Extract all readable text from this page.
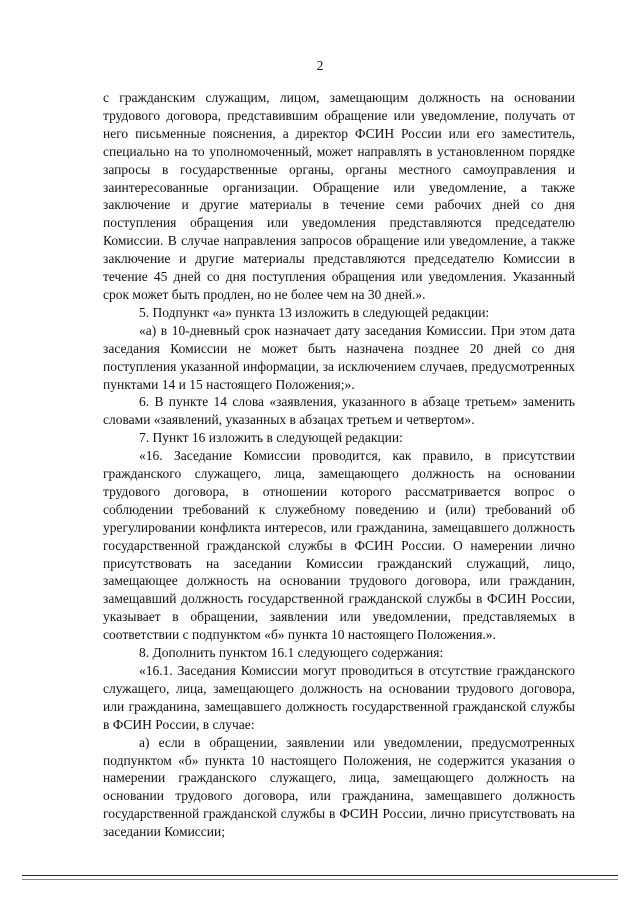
2

с гражданским служащим, лицом, замещающим должность на основании трудового договора, представившим обращение или уведомление, получать от него письменные пояснения, а директор ФСИН России или его заместитель, специально на то уполномоченный, может направлять в установленном порядке запросы в государственные органы, органы местного самоуправления и заинтересованные организации. Обращение или уведомление, а также заключение и другие материалы в течение семи рабочих дней со дня поступления обращения или уведомления представляются председателю Комиссии. В случае направления запросов обращение или уведомление, а также заключение и другие материалы представляются председателю Комиссии в течение 45 дней со дня поступления обращения или уведомления. Указанный срок может быть продлен, но не более чем на 30 дней.».

5. Подпункт «а» пункта 13 изложить в следующей редакции:

«а) в 10-дневный срок назначает дату заседания Комиссии. При этом дата заседания Комиссии не может быть назначена позднее 20 дней со дня поступления указанной информации, за исключением случаев, предусмотренных пунктами 14 и 15 настоящего Положения;».

6. В пункте 14 слова «заявления, указанного в абзаце третьем» заменить словами «заявлений, указанных в абзацах третьем и четвертом».

7. Пункт 16 изложить в следующей редакции:

«16. Заседание Комиссии проводится, как правило, в присутствии гражданского служащего, лица, замещающего должность на основании трудового договора, в отношении которого рассматривается вопрос о соблюдении требований к служебному поведению и (или) требований об урегулировании конфликта интересов, или гражданина, замещавшего должность государственной гражданской службы в ФСИН России. О намерении лично присутствовать на заседании Комиссии гражданский служащий, лицо, замещающее должность на основании трудового договора, или гражданин, замещавший должность государственной гражданской службы в ФСИН России, указывает в обращении, заявлении или уведомлении, представляемых в соответствии с подпунктом «б» пункта 10 настоящего Положения.».

8. Дополнить пунктом 16.1 следующего содержания:

«16.1. Заседания Комиссии могут проводиться в отсутствие гражданского служащего, лица, замещающего должность на основании трудового договора, или гражданина, замещавшего должность государственной гражданской службы в ФСИН России, в случае:

а) если в обращении, заявлении или уведомлении, предусмотренных подпунктом «б» пункта 10 настоящего Положения, не содержится указания о намерении гражданского служащего, лица, замещающего должность на основании трудового договора, или гражданина, замещавшего должность государственной гражданской службы в ФСИН России, лично присутствовать на заседании Комиссии;
